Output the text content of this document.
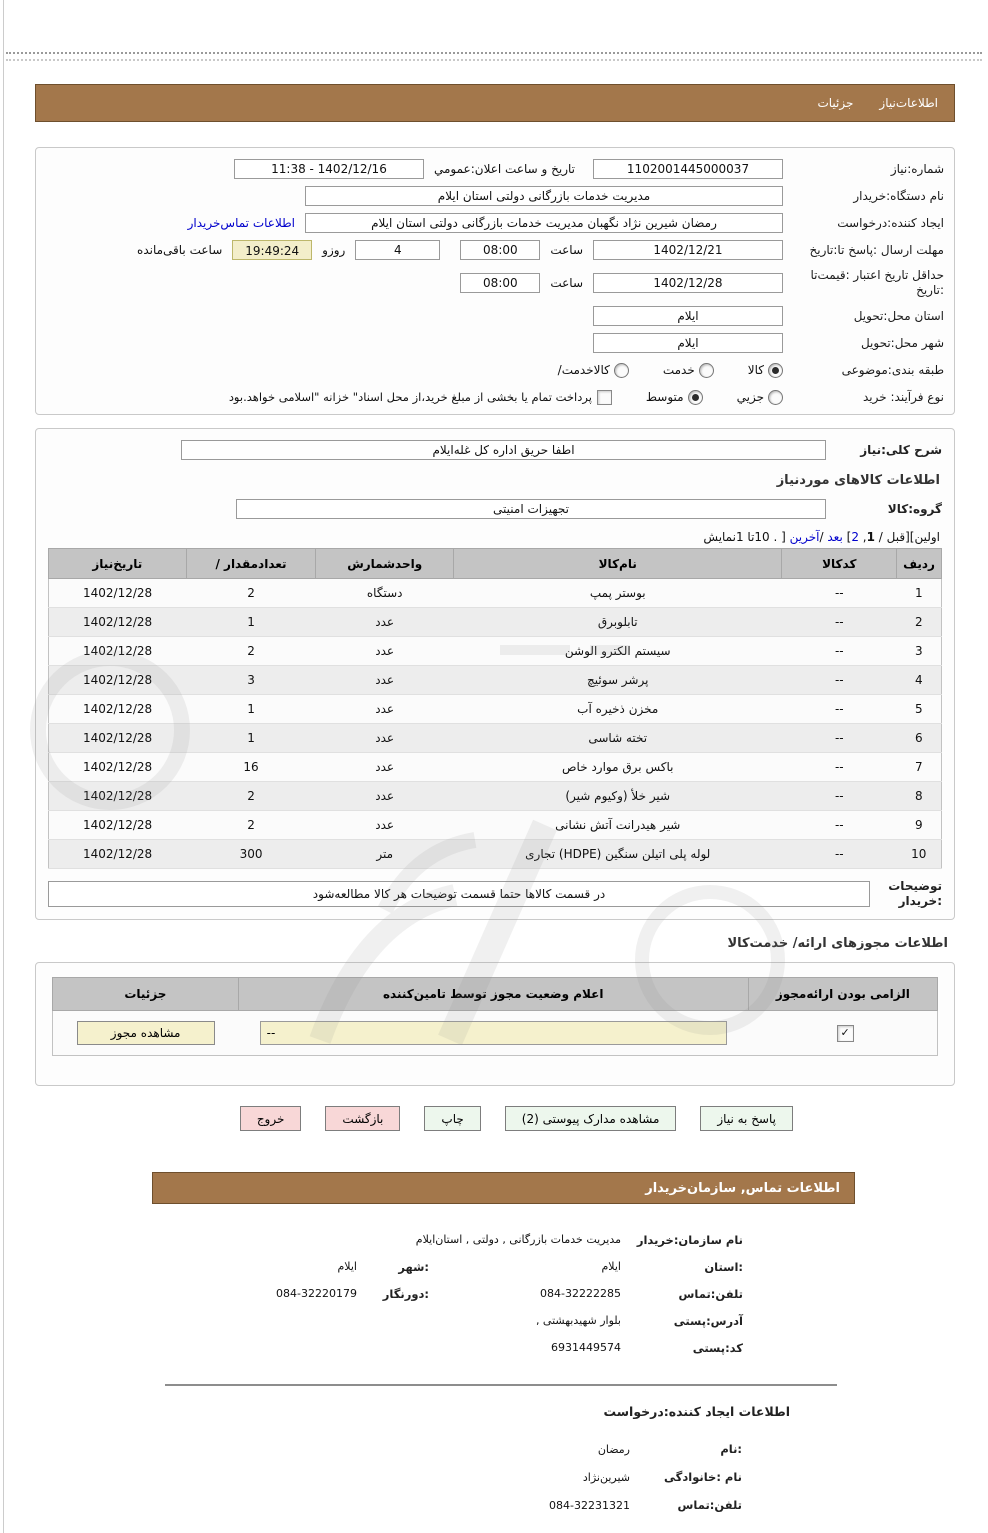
اطلاعات‌نیاز
جزئیات
شماره:نیاز
1102001445000037
تاریخ و ساعت اعلان:عمومي
11:38 - 1402/12/16
نام دستگاه:خریدار
مدیریت خدمات بازرگانی دولتی استان ایلام
ایجاد کننده:درخواست
رمضان شیرین نژاد نگهبان مدیریت خدمات بازرگانی دولتی استان ایلام
اطلاعات تماس‌خریدار
مهلت ارسال :پاسخ تا:تاریخ
1402/12/21
ساعت
08:00
4
روزو
19:49:24
ساعت باقی‌مانده
حداقل تاریخ اعتبار :قیمت‌تا :تاریخ
1402/12/28
ساعت
08:00
استان محل:تحویل
ایلام
شهر محل:تحویل
ایلام
طبقه بندی:موضوعی
کالا
خدمت
/کالاخدمت
نوع فرآیند: خرید
جزیي
متوسط
پرداخت تمام یا بخشی از مبلغ خرید،از محل اسناد" خزانه "اسلامی خواهد.بود
شرح کلی:نیاز
اطفا حریق اداره کل غله‌ایلام
اطلاعات کالاهای موردنیاز
گروه:کالا
تجهیزات امنیتی
نمایش1 تا10 . ] آخرین/ بعد [2 ,1 / قبل][اولین
ردیف	کدکالا	نام‌کالا	واحدشمارش	/ تعدادمقدار	تاریخ‌نیاز
1	--	بوستر پمپ	دستگاه	2	1402/12/28
2	--	تابلوبرق	عدد	1	1402/12/28
3	--	سیستم الکترو الوشن	عدد	2	1402/12/28
4	--	پرشر سوئیچ	عدد	3	1402/12/28
5	--	مخزن ذخیره آب	عدد	1	1402/12/28
6	--	تخته شاسی	عدد	1	1402/12/28
7	--	باکس برق موارد خاص	عدد	16	1402/12/28
8	--	شیر خلأ (وکیوم شیر)	عدد	2	1402/12/28
9	--	شیر هیدرانت آتش نشانی	عدد	2	1402/12/28
10	--	لوله پلی اتیلن سنگین (HDPE) تجاری	متر	300	1402/12/28
توضیحات :خریدار
در قسمت کالاها حتما قسمت توضیحات هر کالا مطالعه‌شود
اطلاعات مجوزهای ارائه/ خدمت‌کالا
الزامی بودن ارائه‌مجوز	اعلام وضعیت مجوز توسط تامین‌کننده	جزئیات
✓	--	مشاهده مجوز
پاسخ به نیاز
مشاهده مدارک پیوستی (2)
چاپ
بازگشت
خروج
اطلاعات تماس, سازمان‌خریدار
نام سازمان:خریدار
مدیریت خدمات بازرگانی , دولتی , استان‌ایلام
:استان
ایلام
:شهر
ایلام
تلفن:تماس
084-32222285
:دورنگار
084-32220179
آدرس:پستی
بلوار شهیدبهشتی ,
کد:پستی
6931449574
اطلاعات ایجاد کننده:درخواست
:نام
رمضان
نام :خانوادگی
شیرین‌نژاد
تلفن:تماس
084-32231321
